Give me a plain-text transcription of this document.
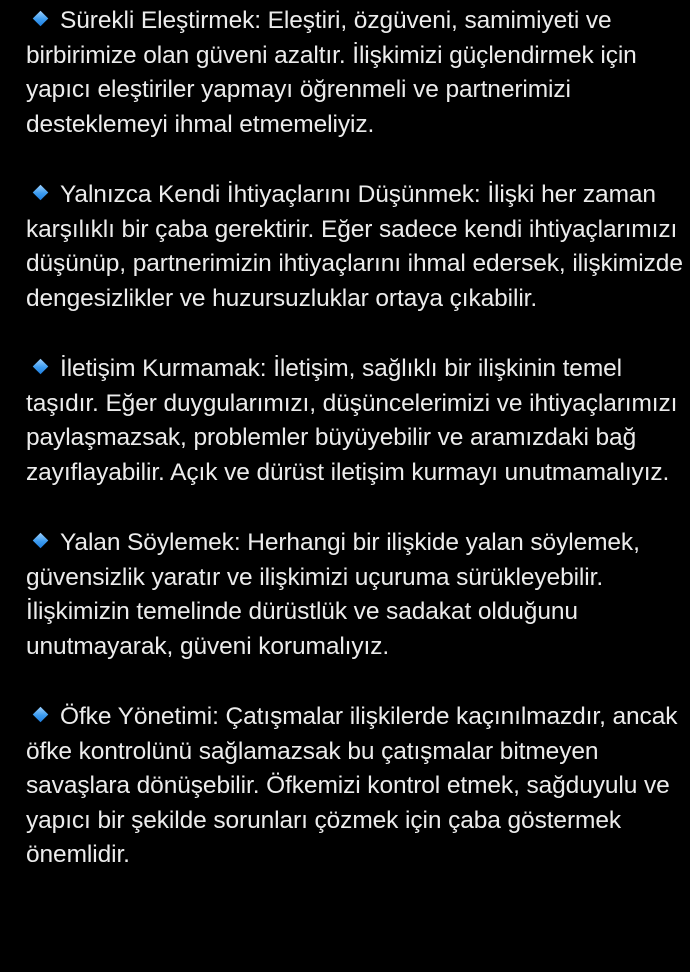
Sürekli Eleştirmek: Eleştiri, özgüveni, samimiyeti ve birbirimize olan güveni azaltır. İlişkimizi güçlendirmek için yapıcı eleştiriler yapmayı öğrenmeli ve partnerimizi desteklemeyi ihmal etmemeliyiz.

Yalnızca Kendi İhtiyaçlarını Düşünmek: İlişki her zaman karşılıklı bir çaba gerektirir. Eğer sadece kendi ihtiyaçlarımızı düşünüp, partnerimizin ihtiyaçlarını ihmal edersek, ilişkimizde dengesizlikler ve huzursuzluklar ortaya çıkabilir.

İletişim Kurmamak: İletişim, sağlıklı bir ilişkinin temel taşıdır. Eğer duygularımızı, düşüncelerimizi ve ihtiyaçlarımızı paylaşmazsak, problemler büyüyebilir ve aramızdaki bağ zayıflayabilir. Açık ve dürüst iletişim kurmayı unutmamalıyız.

Yalan Söylemek: Herhangi bir ilişkide yalan söylemek, güvensizlik yaratır ve ilişkimizi uçuruma sürükleyebilir. İlişkimizin temelinde dürüstlük ve sadakat olduğunu unutmayarak, güveni korumalıyız.

Öfke Yönetimi: Çatışmalar ilişkilerde kaçınılmazdır, ancak öfke kontrolünü sağlamazsak bu çatışmalar bitmeyen savaşlara dönüşebilir. Öfkemizi kontrol etmek, sağduyulu ve yapıcı bir şekilde sorunları çözmek için çaba göstermek önemlidir.
